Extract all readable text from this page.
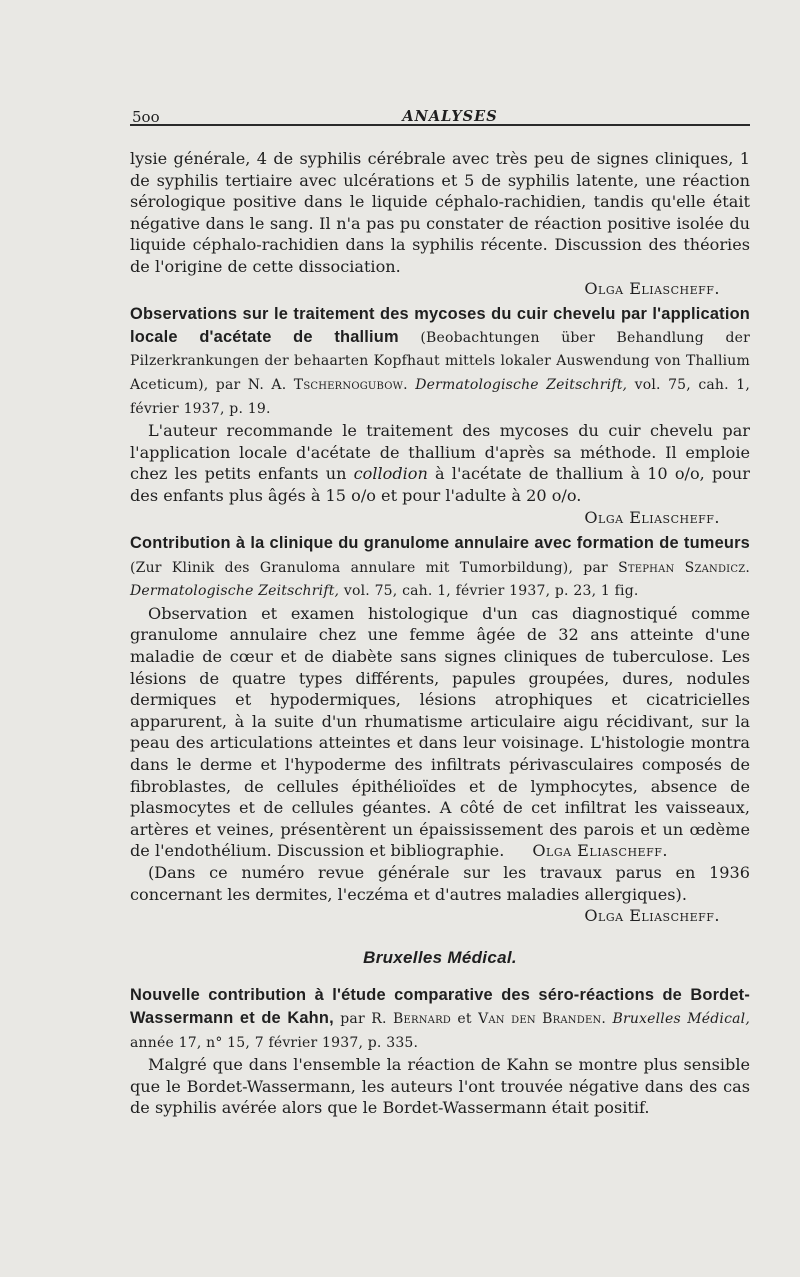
5oo	ANALYSES

lysie générale, 4 de syphilis cérébrale avec très peu de signes cliniques, 1 de syphilis tertiaire avec ulcérations et 5 de syphilis latente, une réaction sérologique positive dans le liquide céphalo-rachidien, tandis qu'elle était négative dans le sang. Il n'a pas pu constater de réaction positive isolée du liquide céphalo-rachidien dans la syphilis récente. Discussion des théories de l'origine de cette dissociation.

Olga Eliascheff.

Observations sur le traitement des mycoses du cuir chevelu par l'application locale d'acétate de thallium (Beobachtungen über Behandlung der Pilzerkrankungen der behaarten Kopfhaut mittels lokaler Auswendung von Thallium Aceticum), par N. A. Tschernogubow. Dermatologische Zeitschrift, vol. 75, cah. 1, février 1937, p. 19.

L'auteur recommande le traitement des mycoses du cuir chevelu par l'application locale d'acétate de thallium d'après sa méthode. Il emploie chez les petits enfants un collodion à l'acétate de thallium à 10 o/o, pour des enfants plus âgés à 15 o/o et pour l'adulte à 20 o/o.

Olga Eliascheff.

Contribution à la clinique du granulome annulaire avec formation de tumeurs (Zur Klinik des Granuloma annulare mit Tumorbildung), par Stephan Szandicz. Dermatologische Zeitschrift, vol. 75, cah. 1, février 1937, p. 23, 1 fig.

Observation et examen histologique d'un cas diagnostiqué comme granulome annulaire chez une femme âgée de 32 ans atteinte d'une maladie de cœur et de diabète sans signes cliniques de tuberculose. Les lésions de quatre types différents, papules groupées, dures, nodules dermiques et hypodermiques, lésions atrophiques et cicatricielles apparurent, à la suite d'un rhumatisme articulaire aigu récidivant, sur la peau des articulations atteintes et dans leur voisinage. L'histologie montra dans le derme et l'hypoderme des infiltrats périvasculaires composés de fibroblastes, de cellules épithélioïdes et de lymphocytes, absence de plasmocytes et de cellules géantes. A côté de cet infiltrat les vaisseaux, artères et veines, présentèrent un épaississement des parois et un œdème de l'endothélium. Discussion et bibliographie. Olga Eliascheff.

(Dans ce numéro revue générale sur les travaux parus en 1936 concernant les dermites, l'eczéma et d'autres maladies allergiques).

Olga Eliascheff.

Bruxelles Médical.

Nouvelle contribution à l'étude comparative des séro-réactions de Bordet-Wassermann et de Kahn, par R. Bernard et Van den Branden. Bruxelles Médical, année 17, n° 15, 7 février 1937, p. 335.

Malgré que dans l'ensemble la réaction de Kahn se montre plus sensible que le Bordet-Wassermann, les auteurs l'ont trouvée négative dans des cas de syphilis avérée alors que le Bordet-Wassermann était positif.
